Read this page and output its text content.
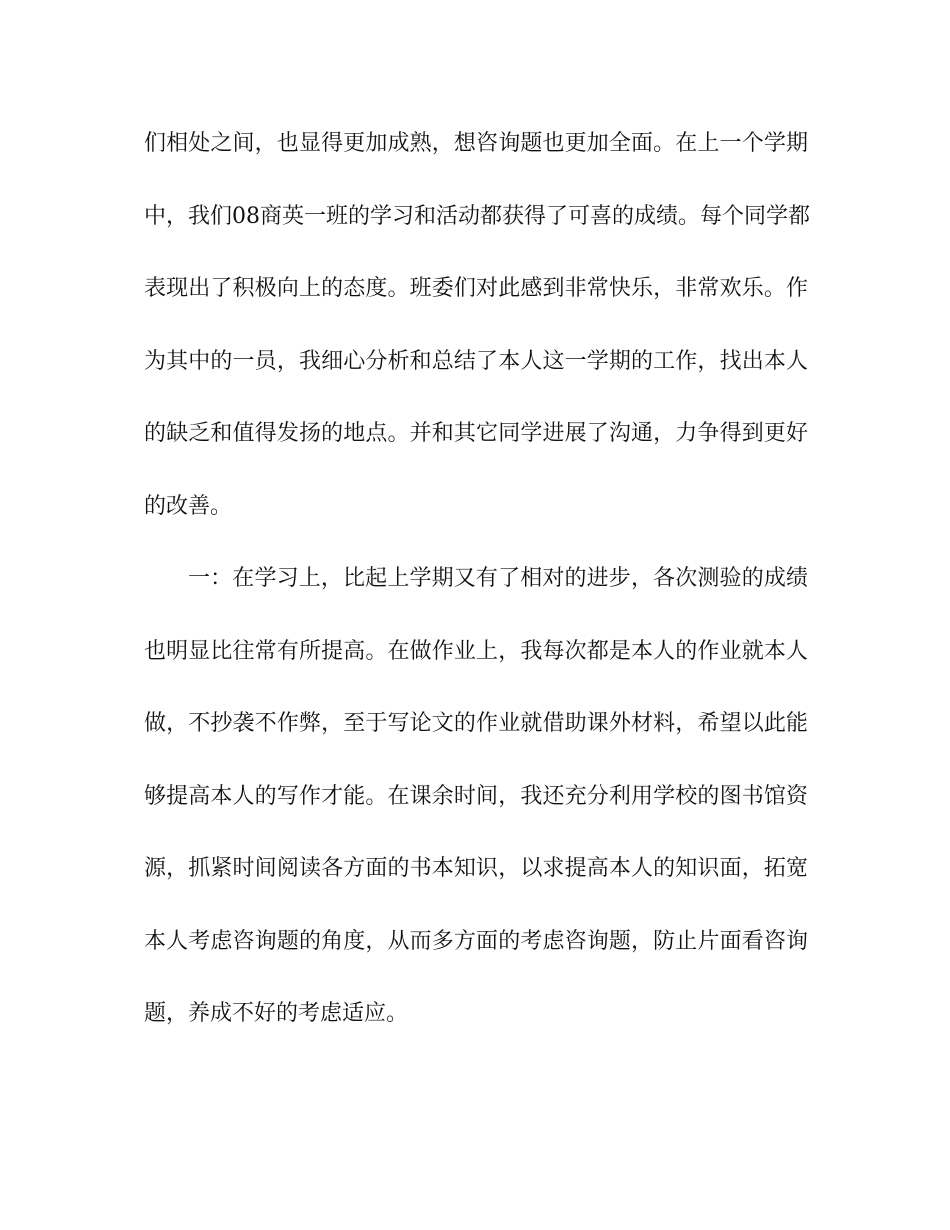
们相处之间，也显得更加成熟，想咨询题也更加全面。在上一个学期
中，我们08商英一班的学习和活动都获得了可喜的成绩。每个同学都
表现出了积极向上的态度。班委们对此感到非常快乐，非常欢乐。作
为其中的一员，我细心分析和总结了本人这一学期的工作，找出本人
的缺乏和值得发扬的地点。并和其它同学进展了沟通，力争得到更好
的改善。
一：在学习上，比起上学期又有了相对的进步，各次测验的成绩
也明显比往常有所提高。在做作业上，我每次都是本人的作业就本人
做，不抄袭不作弊，至于写论文的作业就借助课外材料，希望以此能
够提高本人的写作才能。在课余时间，我还充分利用学校的图书馆资
源，抓紧时间阅读各方面的书本知识，以求提高本人的知识面，拓宽
本人考虑咨询题的角度，从而多方面的考虑咨询题，防止片面看咨询
题，养成不好的考虑适应。
